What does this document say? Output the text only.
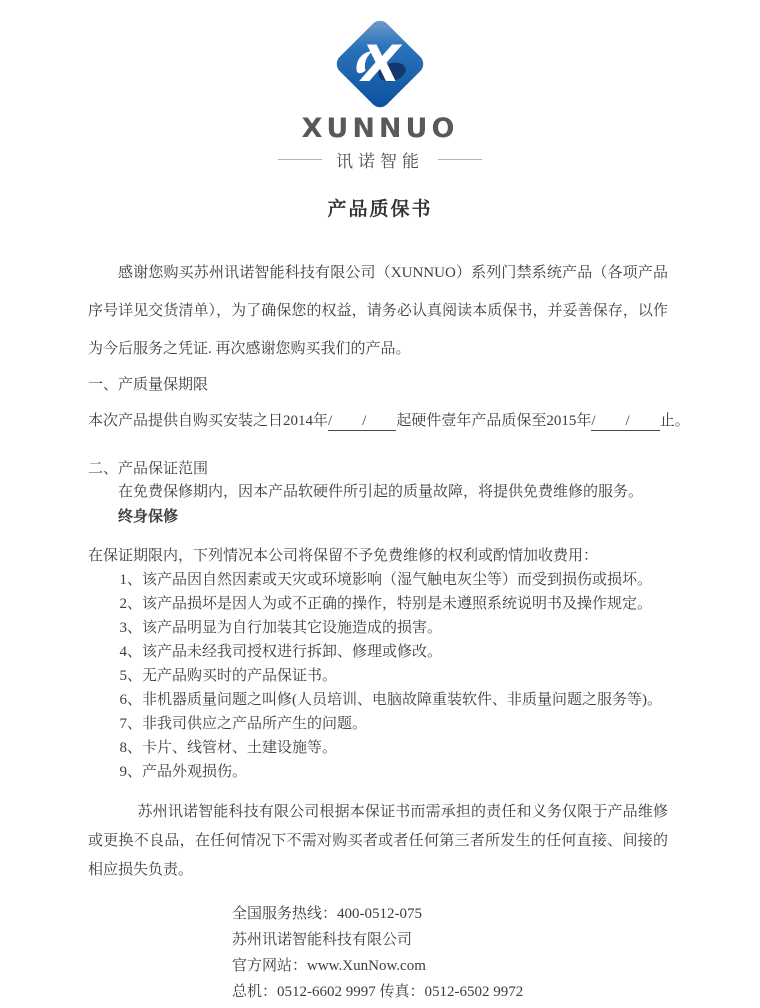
X
XUNNUO
讯诺智能
产品质保书

感谢您购买苏州讯诺智能科技有限公司（XUNNUO）系列门禁系统产品（各项产品序号详见交货清单），为了确保您的权益，请务必认真阅读本质保书，并妥善保存，以作为今后服务之凭证. 再次感谢您购买我们的产品。

一、产质量保期限
本次产品提供自购买安装之日2014年/　　/　　起硬件壹年产品质保至2015年/　　/　　止。
二、产品保证范围

在免费保修期内，因本产品软硬件所引起的质量故障，将提供免费维修的服务。

终身保修

在保证期限内，下列情况本公司将保留不予免费维修的权利或酌情加收费用：
1、该产品因自然因素或天灾或环境影响（湿气触电灰尘等）而受到损伤或损坏。
2、该产品损坏是因人为或不正确的操作，特别是未遵照系统说明书及操作规定。
3、该产品明显为自行加装其它设施造成的损害。
4、该产品未经我司授权进行拆卸、修理或修改。
5、无产品购买时的产品保证书。
6、非机器质量问题之叫修(人员培训、电脑故障重装软件、非质量问题之服务等)。
7、非我司供应之产品所产生的问题。
8、卡片、线管材、土建设施等。
9、产品外观损伤。

苏州讯诺智能科技有限公司根据本保证书而需承担的责任和义务仅限于产品维修或更换不良品，在任何情况下不需对购买者或者任何第三者所发生的任何直接、间接的相应损失负责。

全国服务热线：400-0512-075
苏州讯诺智能科技有限公司
官方网站：www.XunNow.com
总机：0512-6602 9997 传真：0512-6502 9972
